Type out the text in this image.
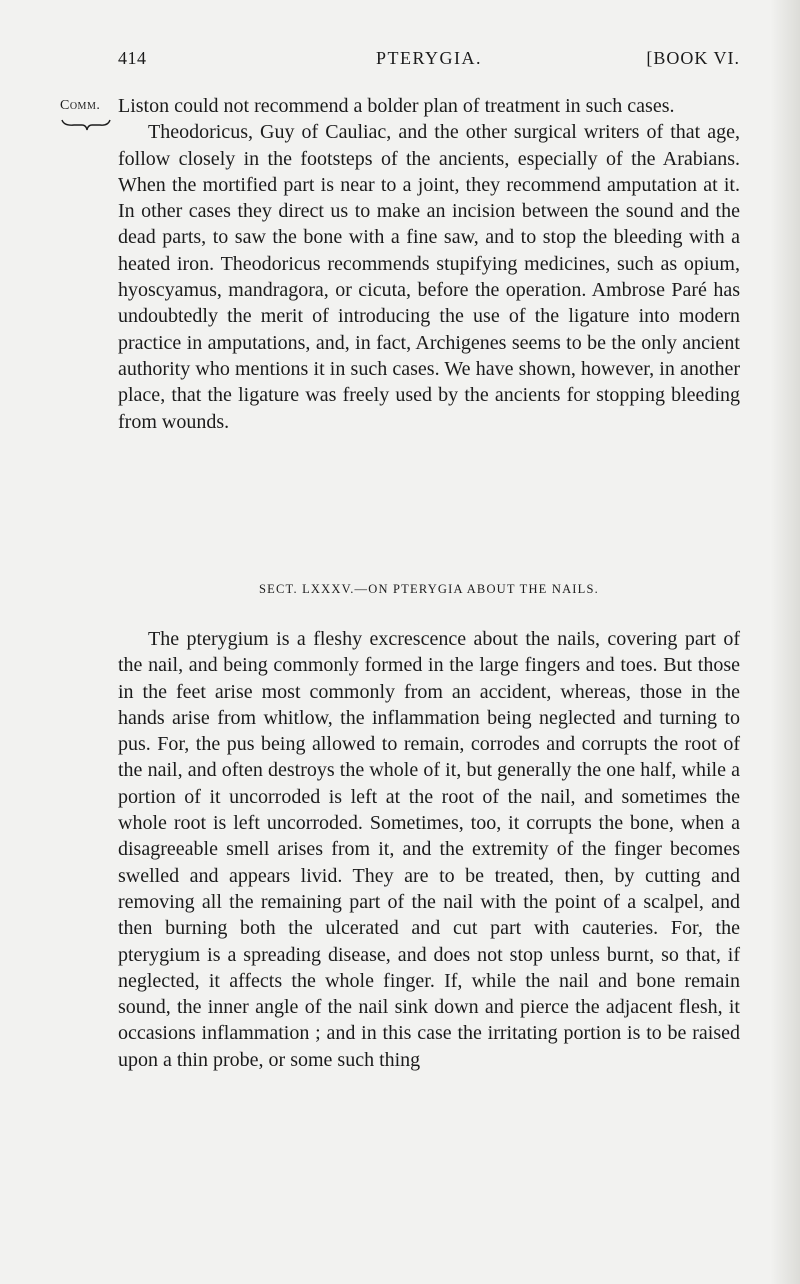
414	PTERYGIA.	[BOOK VI.
Comm. Liston could not recommend a bolder plan of treatment in such cases.

Theodoricus, Guy of Cauliac, and the other surgical writers of that age, follow closely in the footsteps of the ancients, especially of the Arabians. When the mortified part is near to a joint, they recommend amputation at it. In other cases they direct us to make an incision between the sound and the dead parts, to saw the bone with a fine saw, and to stop the bleeding with a heated iron. Theodoricus recommends stupifying medicines, such as opium, hyoscyamus, mandragora, or cicuta, before the operation. Ambrose Paré has undoubtedly the merit of introducing the use of the ligature into modern practice in amputations, and, in fact, Archigenes seems to be the only ancient authority who mentions it in such cases. We have shown, however, in another place, that the ligature was freely used by the ancients for stopping bleeding from wounds.

SECT. LXXXV.—ON PTERYGIA ABOUT THE NAILS.

The pterygium is a fleshy excrescence about the nails, covering part of the nail, and being commonly formed in the large fingers and toes. But those in the feet arise most commonly from an accident, whereas, those in the hands arise from whitlow, the inflammation being neglected and turning to pus. For, the pus being allowed to remain, corrodes and corrupts the root of the nail, and often destroys the whole of it, but generally the one half, while a portion of it uncorroded is left at the root of the nail, and sometimes the whole root is left uncorroded. Sometimes, too, it corrupts the bone, when a disagreeable smell arises from it, and the extremity of the finger becomes swelled and appears livid. They are to be treated, then, by cutting and removing all the remaining part of the nail with the point of a scalpel, and then burning both the ulcerated and cut part with cauteries. For, the pterygium is a spreading disease, and does not stop unless burnt, so that, if neglected, it affects the whole finger. If, while the nail and bone remain sound, the inner angle of the nail sink down and pierce the adjacent flesh, it occasions inflammation ; and in this case the irritating portion is to be raised upon a thin probe, or some such thing
